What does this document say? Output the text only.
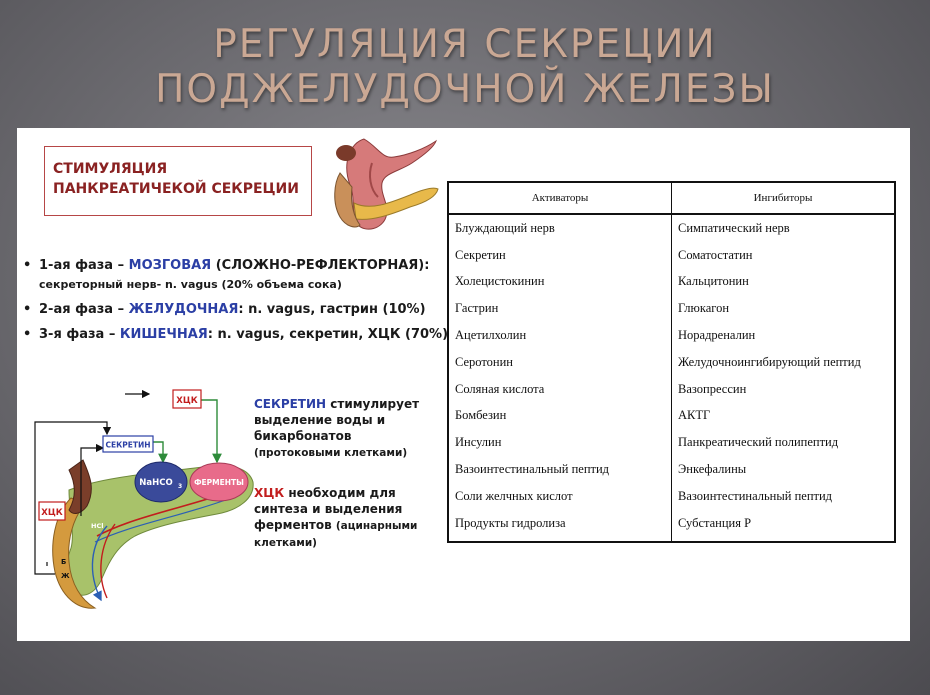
РЕГУЛЯЦИЯ СЕКРЕЦИИ
ПОДЖЕЛУДОЧНОЙ ЖЕЛЕЗЫ
СТИМУЛЯЦИЯ
ПАНКРЕАТИЧЕКОЙ СЕКРЕЦИИ
• 1-ая фаза – МОЗГОВАЯ (СЛОЖНО-РЕФЛЕКТОРНАЯ):
секреторный нерв- n. vagus (20% объема сока)
• 2-ая фаза – ЖЕЛУДОЧНАЯ: n. vagus, гастрин (10%)
• 3-я фаза – КИШЕЧНАЯ: n. vagus, секретин, ХЦК (70%)
ХЦК
СЕКРЕТИН
ХЦК
HCl
NaHCO 3 ФЕРМЕНТЫ
Б
Ж
СЕКРЕТИН стимулирует выделение воды и бикарбонатов (протоковыми клетками)
ХЦК необходим для синтеза и выделения ферментов (ацинарными клетками)
Активаторы	Ингибиторы
Блуждающий нерв	Симпатический нерв
Секретин	Соматостатин
Холецистокинин	Кальцитонин
Гастрин	Глюкагон
Ацетилхолин	Норадреналин
Серотонин	Желудочноингибирующий пептид
Соляная кислота	Вазопрессин
Бомбезин	АКТГ
Инсулин	Панкреатический полипептид
Вазоинтестинальный пептид	Энкефалины
Соли желчных кислот	Вазоинтестинальный пептид
Продукты гидролиза	Субстанция Р
